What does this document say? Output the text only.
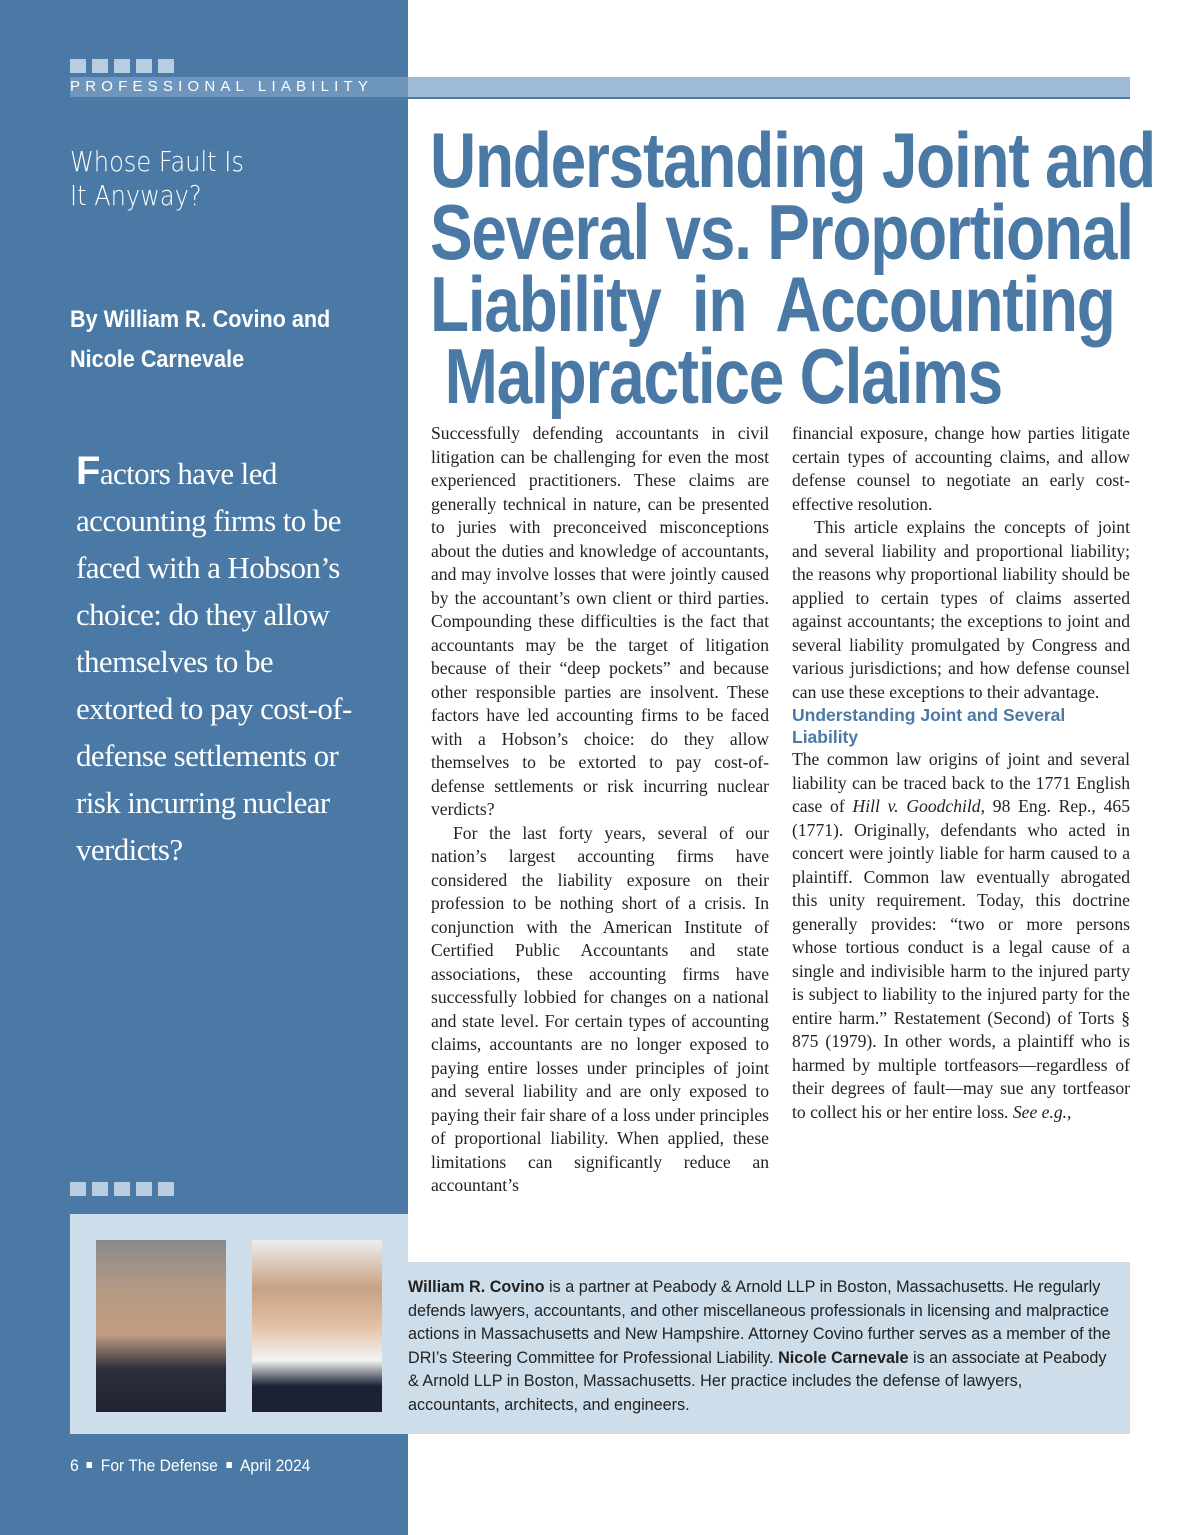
PROFESSIONAL LIABILITY
Whose Fault Is
It Anyway?
By William R. Covino and
Nicole Carnevale
Factors have led accounting firms to be faced with a Hobson’s choice: do they allow themselves to be extorted to pay cost-of-defense settlements or risk incurring nuclear verdicts?
Understanding Joint and
Several vs. Proportional
Liability in Accounting
Malpractice Claims

Successfully defending accountants in civil litigation can be challenging for even the most experienced practitioners. These claims are generally technical in nature, can be presented to juries with preconceived misconceptions about the duties and knowledge of accountants, and may involve losses that were jointly caused by the accountant’s own client or third parties. Compounding these difficulties is the fact that accountants may be the target of litigation because of their “deep pockets” and because other responsible parties are insolvent. These factors have led accounting firms to be faced with a Hobson’s choice: do they allow themselves to be extorted to pay cost-of-defense settlements or risk incurring nuclear verdicts?

For the last forty years, several of our nation’s largest accounting firms have considered the liability exposure on their profession to be nothing short of a crisis. In conjunction with the American Institute of Certified Public Accountants and state associations, these accounting firms have successfully lobbied for changes on a national and state level. For certain types of accounting claims, accountants are no longer exposed to paying entire losses under principles of joint and several liability and are only exposed to paying their fair share of a loss under principles of proportional liability. When applied, these limitations can significantly reduce an accountant’s

financial exposure, change how parties litigate certain types of accounting claims, and allow defense counsel to negotiate an early cost-effective resolution.

This article explains the concepts of joint and several liability and proportional liability; the reasons why proportional liability should be applied to certain types of claims asserted against accountants; the exceptions to joint and several liability promulgated by Congress and various jurisdictions; and how defense counsel can use these exceptions to their advantage.

Understanding Joint and Several Liability

The common law origins of joint and several liability can be traced back to the 1771 English case of Hill v. Goodchild, 98 Eng. Rep., 465 (1771). Originally, defendants who acted in concert were jointly liable for harm caused to a plaintiff. Common law eventually abrogated this unity requirement. Today, this doctrine generally provides: “two or more persons whose tortious conduct is a legal cause of a single and indivisible harm to the injured party is subject to liability to the injured party for the entire harm.” Restatement (Second) of Torts § 875 (1979). In other words, a plaintiff who is harmed by multiple tortfeasors—regardless of their degrees of fault—may sue any tortfeasor to collect his or her entire loss. See e.g.,

William R. Covino is a partner at Peabody & Arnold LLP in Boston, Massachusetts. He regularly defends lawyers, accountants, and other miscellaneous professionals in licensing and malpractice actions in Massachusetts and New Hampshire. Attorney Covino further serves as a member of the DRI’s Steering Committee for Professional Liability. Nicole Carnevale is an associate at Peabody & Arnold LLP in Boston, Massachusetts. Her practice includes the defense of lawyers, accountants, architects, and engineers.
6 For The Defense April 2024
